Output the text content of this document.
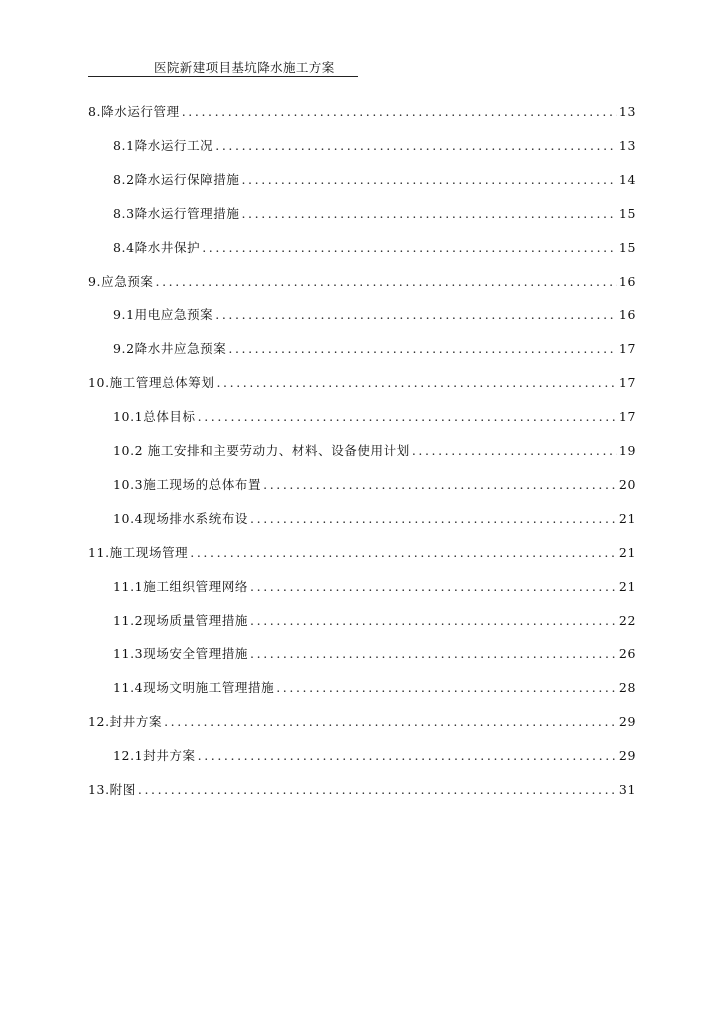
医院新建项目基坑降水施工方案
8.降水运行管理 .....	13
8.1降水运行工况 .....	13
8.2降水运行保障措施 .....	14
8.3降水运行管理措施 .....	15
8.4降水井保护 .....	15
9.应急预案 .....	16
9.1用电应急预案 .....	16
9.2降水井应急预案 .....	17
10.施工管理总体筹划 .....	17
10.1总体目标 .....	17
10.2 施工安排和主要劳动力、材料、设备使用计划 .....	19
10.3施工现场的总体布置 .....	20
10.4现场排水系统布设 .....	21
11.施工现场管理 .....	21
11.1施工组织管理网络 .....	21
11.2现场质量管理措施 .....	22
11.3现场安全管理措施 .....	26
11.4现场文明施工管理措施 .....	28
12.封井方案 .....	29
12.1封井方案 .....	29
13.附图 .....	31
